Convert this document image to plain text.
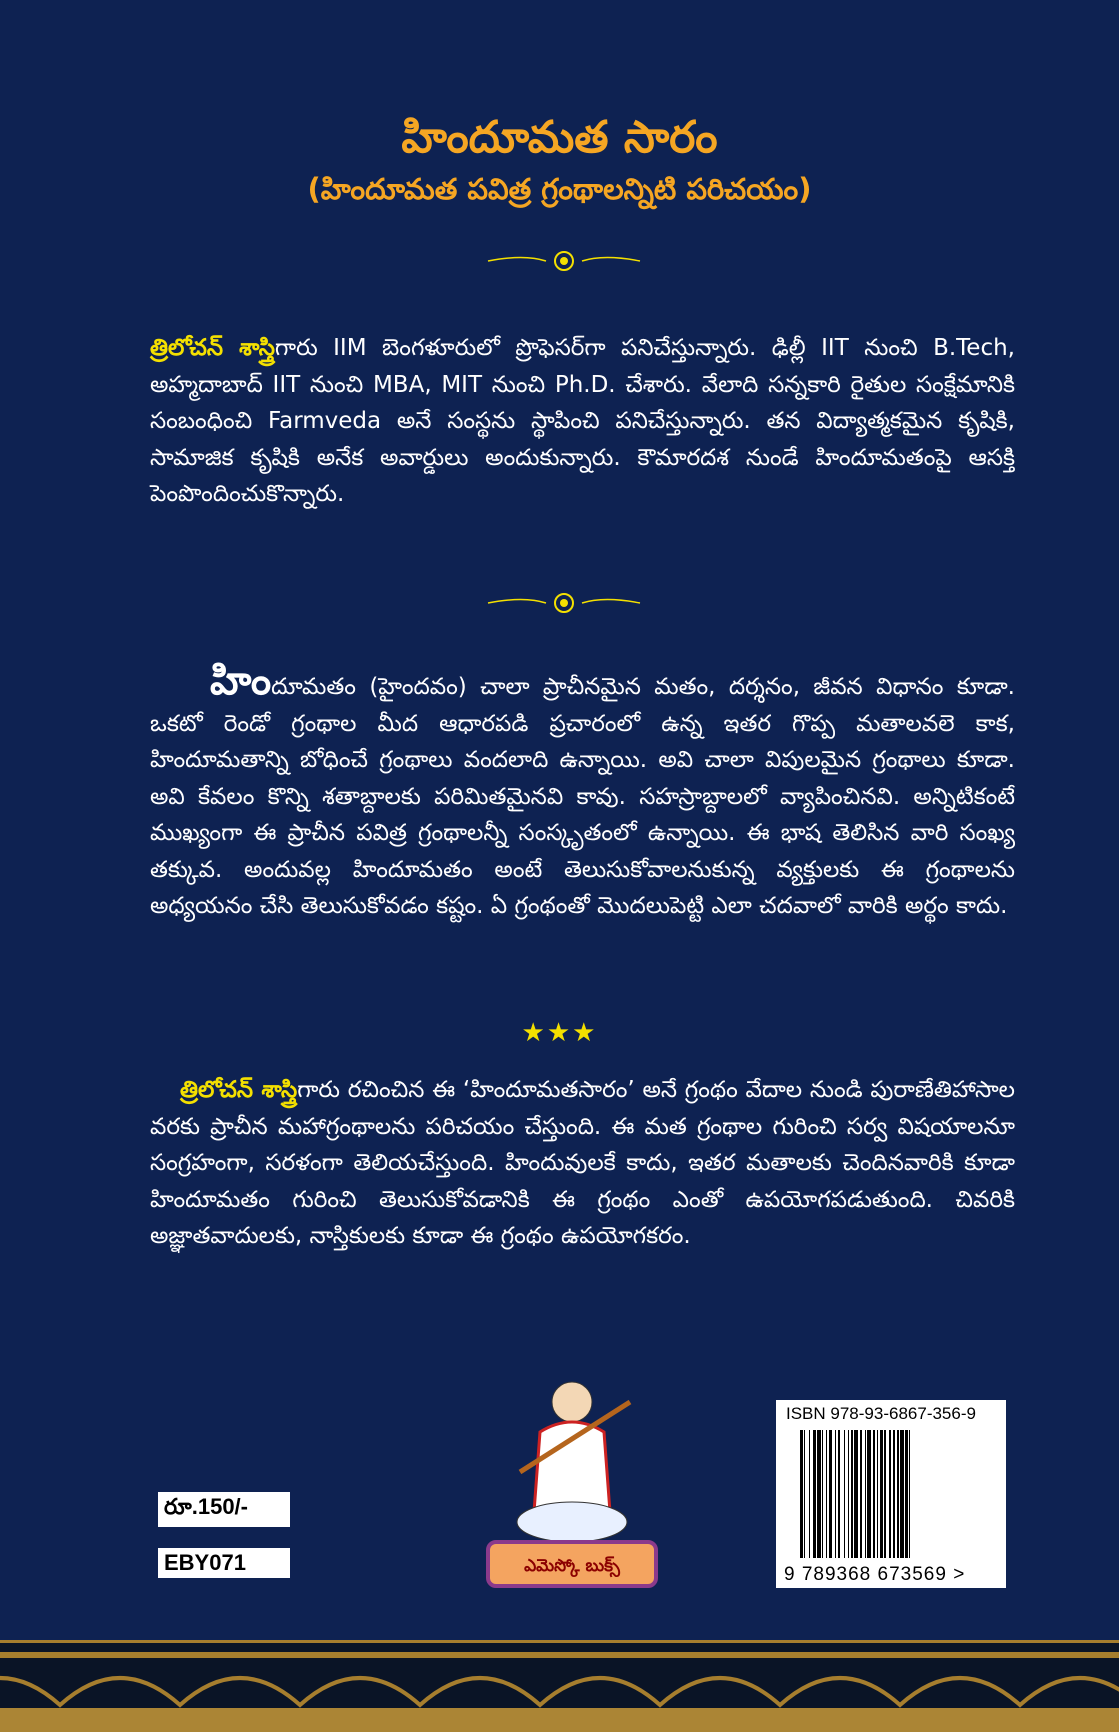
హిందూమత సారం
(హిందూమత పవిత్ర గ్రంథాలన్నిటి పరిచయం)
త్రిలోచన్ శాస్త్రిగారు IIM బెంగళూరులో ప్రొఫెసర్‌గా పనిచేస్తున్నారు. ఢిల్లీ IIT నుంచి B.Tech, అహ్మదాబాద్ IIT నుంచి MBA, MIT నుంచి Ph.D. చేశారు. వేలాది సన్నకారి రైతుల సంక్షేమానికి సంబంధించి Farmveda అనే సంస్థను స్థాపించి పనిచేస్తున్నారు. తన విద్యాత్మకమైన కృషికి, సామాజిక కృషికి అనేక అవార్డులు అందుకున్నారు. కౌమారదశ నుండే హిందూమతంపై ఆసక్తి పెంపొందించుకొన్నారు.
హిందూమతం (హైందవం) చాలా ప్రాచీనమైన మతం, దర్శనం, జీవన విధానం కూడా. ఒకటో రెండో గ్రంథాల మీద ఆధారపడి ప్రచారంలో ఉన్న ఇతర గొప్ప మతాలవలె కాక, హిందూమతాన్ని బోధించే గ్రంథాలు వందలాది ఉన్నాయి. అవి చాలా విపులమైన గ్రంథాలు కూడా. అవి కేవలం కొన్ని శతాబ్దాలకు పరిమితమైనవి కావు. సహస్రాబ్దాలలో వ్యాపించినవి. అన్నిటికంటే ముఖ్యంగా ఈ ప్రాచీన పవిత్ర గ్రంథాలన్నీ సంస్కృతంలో ఉన్నాయి. ఈ భాష తెలిసిన వారి సంఖ్య తక్కువ. అందువల్ల హిందూమతం అంటే తెలుసుకోవాలనుకున్న వ్యక్తులకు ఈ గ్రంథాలను అధ్యయనం చేసి తెలుసుకోవడం కష్టం. ఏ గ్రంథంతో మొదలుపెట్టి ఎలా చదవాలో వారికి అర్థం కాదు.
★★★
త్రిలోచన్ శాస్త్రిగారు రచించిన ఈ ‘హిందూమతసారం’ అనే గ్రంథం వేదాల నుండి పురాణేతిహాసాల వరకు ప్రాచీన మహాగ్రంథాలను పరిచయం చేస్తుంది. ఈ మత గ్రంథాల గురించి సర్వ విషయాలనూ సంగ్రహంగా, సరళంగా తెలియచేస్తుంది. హిందువులకే కాదు, ఇతర మతాలకు చెందినవారికి కూడా హిందూమతం గురించి తెలుసుకోవడానికి ఈ గ్రంథం ఎంతో ఉపయోగపడుతుంది. చివరికి అజ్ఞాతవాదులకు, నాస్తికులకు కూడా ఈ గ్రంథం ఉపయోగకరం.
ఎమెస్కో బుక్స్
రూ.150/-
EBY071
ISBN 978-93-6867-356-9
9 789368 673569 >
